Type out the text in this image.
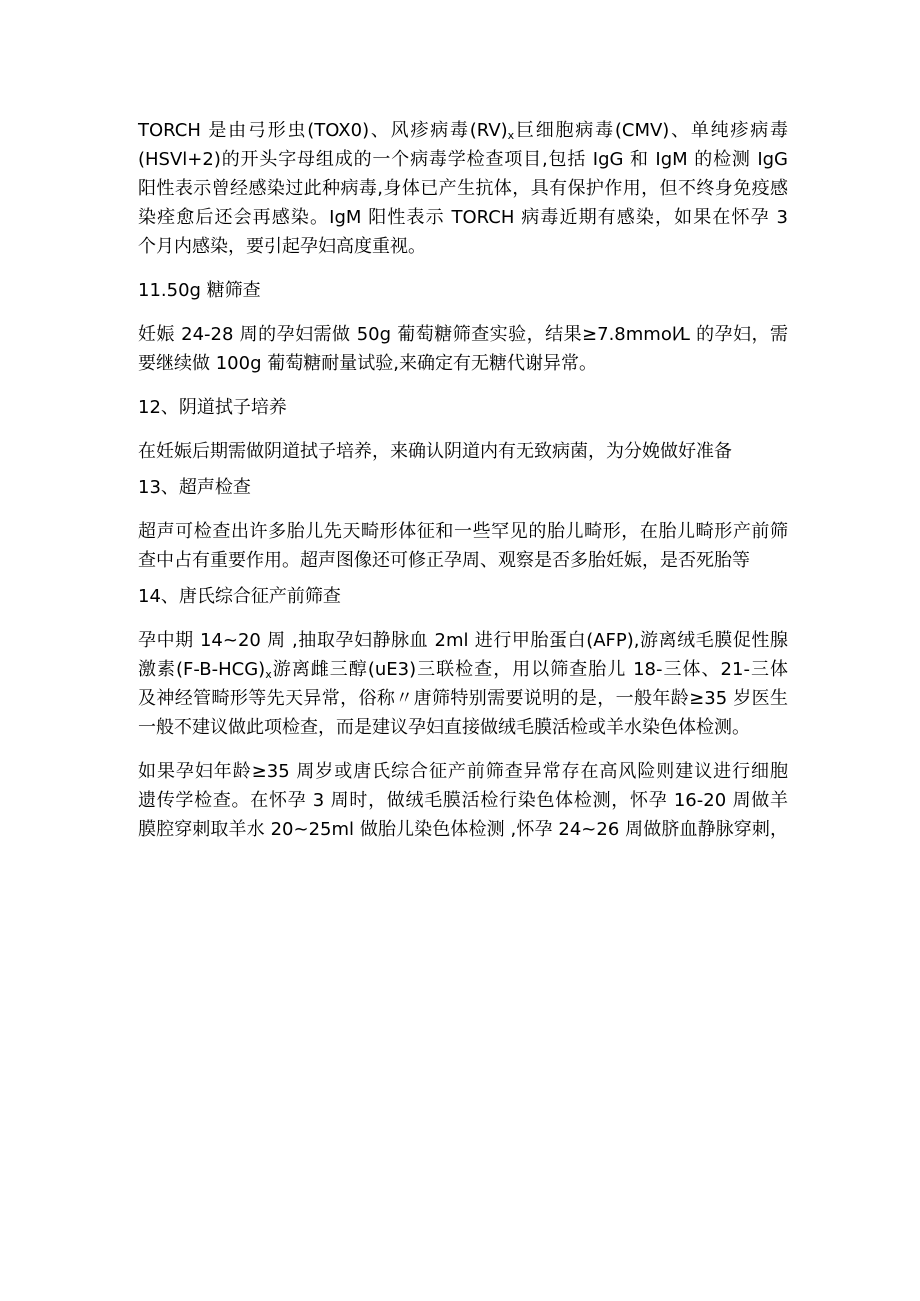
TORCH 是由弓形虫(TOX0)、风疹病毒$(RV)_x$巨细胞病毒(CMV)、单纯疹病毒
(HSVl+2)的开头字母组成的一个病毒学检查项目,包括 IgG 和 IgM 的检测 IgG
阳性表示曾经感染过此种病毒,身体已产生抗体，具有保护作用，但不终身免疫感
染痊愈后还会再感染。IgM 阳性表示 TORCH 病毒近期有感染，如果在怀孕 3
个月内感染，要引起孕妇高度重视。
11.50g 糖筛查
妊娠 24-28 周的孕妇需做 50g 葡萄糖筛查实验，结果≥7.8mmol⁄L 的孕妇，需
要继续做 100g 葡萄糖耐量试验,来确定有无糖代谢异常。
12、阴道拭子培养
在妊娠后期需做阴道拭子培养，来确认阴道内有无致病菌，为分娩做好准备
13、超声检查
超声可检查出许多胎儿先天畸形体征和一些罕见的胎儿畸形，在胎儿畸形产前筛
查中占有重要作用。超声图像还可修正孕周、观察是否多胎妊娠，是否死胎等
14、唐氏综合征产前筛查
孕中期 14~20 周 ,抽取孕妇静脉血 2ml 进行甲胎蛋白(AFP),游离绒毛膜促性腺
激素$(F-B-HCG)_x$游离雌三醇(uE3)三联检查，用以筛查胎儿 18-三体、21-三体
及神经管畸形等先天异常，俗称〃唐筛特别需要说明的是，一般年龄≥35 岁医生
一般不建议做此项检查，而是建议孕妇直接做绒毛膜活检或羊水染色体检测。
如果孕妇年龄≥35 周岁或唐氏综合征产前筛查异常存在高风险则建议进行细胞
遗传学检查。在怀孕 3 周时，做绒毛膜活检行染色体检测，怀孕 16-20 周做羊
膜腔穿刺取羊水 20~25ml 做胎儿染色体检测 ,怀孕 24~26 周做脐血静脉穿刺，
